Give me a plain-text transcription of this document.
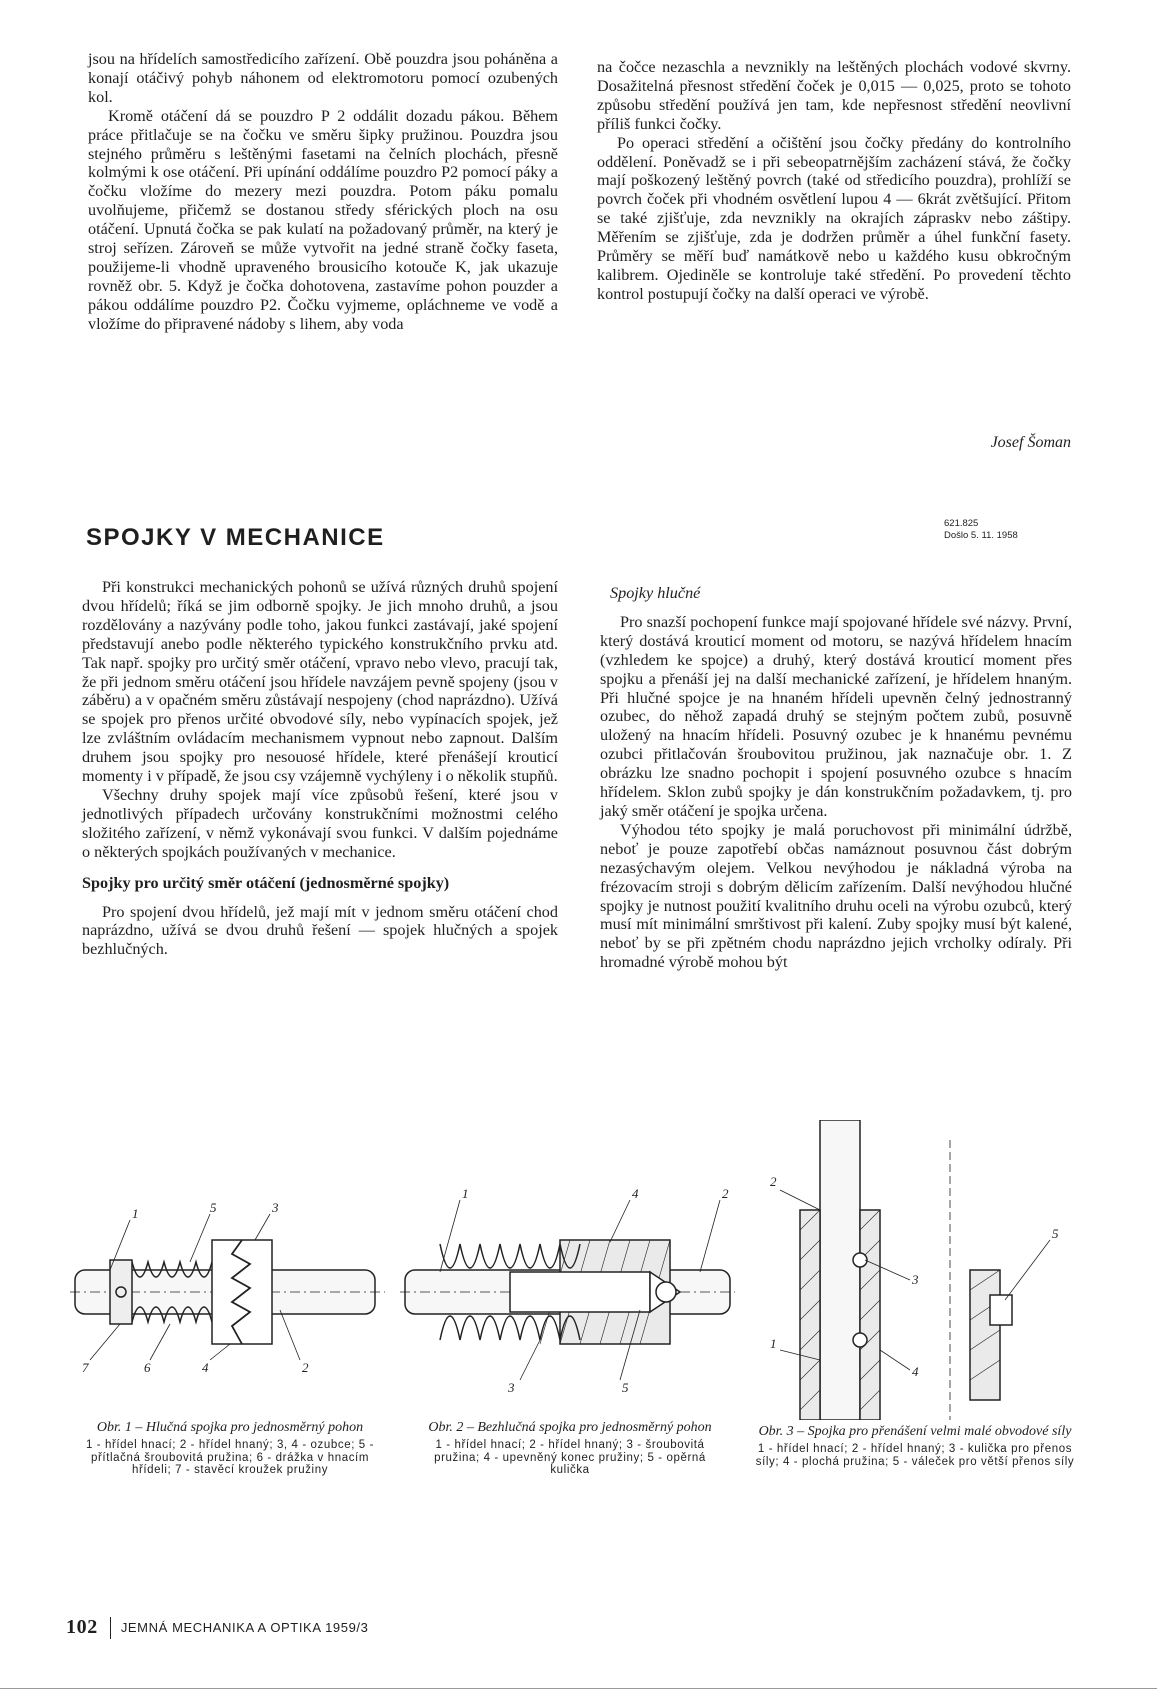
jsou na hřídelích samostředicího zařízení. Obě pouzdra jsou poháněna a konají otáčivý pohyb náhonem od elektromotoru pomocí ozubených kol.

Kromě otáčení dá se pouzdro P 2 oddálit dozadu pákou. Během práce přitlačuje se na čočku ve směru šipky pružinou. Pouzdra jsou stejného průměru s leštěnými fasetami na čelních plochách, přesně kolmými k ose otáčení. Při upínání oddálíme pouzdro P2 pomocí páky a čočku vložíme do mezery mezi pouzdra. Potom páku pomalu uvolňujeme, přičemž se dostanou středy sférických ploch na osu otáčení. Upnutá čočka se pak kulatí na požadovaný průměr, na který je stroj seřízen. Zároveň se může vytvořit na jedné straně čočky faseta, použijeme-li vhodně upraveného brousicího kotouče K, jak ukazuje rovněž obr. 5. Když je čočka dohotovena, zastavíme pohon pouzder a pákou oddálíme pouzdro P2. Čočku vyjmeme, opláchneme ve vodě a vložíme do připravené nádoby s lihem, aby voda

na čočce nezaschla a nevznikly na leštěných plochách vodové skvrny. Dosažitelná přesnost středění čoček je 0,015 — 0,025, proto se tohoto způsobu středění používá jen tam, kde nepřesnost středění neovlivní příliš funkci čočky.

Po operaci středění a očištění jsou čočky předány do kontrolního oddělení. Poněvadž se i při sebeopatrnějším zacházení stává, že čočky mají poškozený leštěný povrch (také od středicího pouzdra), prohlíží se povrch čoček při vhodném osvětlení lupou 4 — 6krát zvětšující. Přitom se také zjišťuje, zda nevznikly na okrajích zápraskv nebo záštipy. Měřením se zjišťuje, zda je dodržen průměr a úhel funkční fasety. Průměry se měří buď namátkově nebo u každého kusu obkročným kalibrem. Ojediněle se kontroluje také středění. Po provedení těchto kontrol postupují čočky na další operaci ve výrobě.

Josef Šoman
SPOJKY V MECHANICE
621.825
Došlo 5. 11. 1958

Při konstrukci mechanických pohonů se užívá různých druhů spojení dvou hřídelů; říká se jim odborně spojky. Je jich mnoho druhů, a jsou rozdělovány a nazývány podle toho, jakou funkci zastávají, jaké spojení představují anebo podle některého typického konstrukčního prvku atd. Tak např. spojky pro určitý směr otáčení, vpravo nebo vlevo, pracují tak, že při jednom směru otáčení jsou hřídele navzájem pevně spojeny (jsou v záběru) a v opačném směru zůstávají nespojeny (chod naprázdno). Užívá se spojek pro přenos určité obvodové síly, nebo vypínacích spojek, jež lze zvláštním ovládacím mechanismem vypnout nebo zapnout. Dalším druhem jsou spojky pro nesouosé hřídele, které přenášejí krouticí momenty i v případě, že jsou csy vzájemně vychýleny i o několik stupňů.

Všechny druhy spojek mají více způsobů řešení, které jsou v jednotlivých případech určovány konstrukčními možnostmi celého složitého zařízení, v němž vykonávají svou funkci. V dalším pojednáme o některých spojkách používaných v mechanice.

Spojky pro určitý směr otáčení (jednosměrné spojky)

Pro spojení dvou hřídelů, jež mají mít v jednom směru otáčení chod naprázdno, užívá se dvou druhů řešení — spojek hlučných a spojek bezhlučných.

Spojky hlučné

Pro snazší pochopení funkce mají spojované hřídele své názvy. První, který dostává krouticí moment od motoru, se nazývá hřídelem hnacím (vzhledem ke spojce) a druhý, který dostává krouticí moment přes spojku a přenáší jej na další mechanické zařízení, je hřídelem hnaným. Při hlučné spojce je na hnaném hřídeli upevněn čelný jednostranný ozubec, do něhož zapadá druhý se stejným počtem zubů, posuvně uložený na hnacím hřídeli. Posuvný ozubec je k hnanému pevnému ozubci přitlačován šroubovitou pružinou, jak naznačuje obr. 1. Z obrázku lze snadno pochopit i spojení posuvného ozubce s hnacím hřídelem. Sklon zubů spojky je dán konstrukčním požadavkem, tj. pro jaký směr otáčení je spojka určena.

Výhodou této spojky je malá poruchovost při minimální údržbě, neboť je pouze zapotřebí občas namáznout posuvnou část dobrým nezasýchavým olejem. Velkou nevýhodou je nákladná výroba na frézovacím stroji s dobrým dělicím zařízením. Další nevýhodou hlučné spojky je nutnost použití kvalitního druhu oceli na výrobu ozubců, který musí mít minimální smrštivost při kalení. Zuby spojky musí být kalené, neboť by se při zpětném chodu naprázdno jejich vrcholky odíraly. Při hromadné výrobě mohou být

1	5	3
7	6	4	2
Obr. 1 – Hlučná spojka pro jednosměrný pohon
1 - hřídel hnací; 2 - hřídel hnaný; 3, 4 - ozubce; 5 - přítlačná šroubovitá pružina; 6 - drážka v hnacím hřídeli; 7 - stavěcí kroužek pružiny
1	4	2
3	5
Obr. 2 – Bezhlučná spojka pro jednosměrný pohon
1 - hřídel hnací; 2 - hřídel hnaný; 3 - šroubovitá pružina; 4 - upevněný konec pružiny; 5 - opěrná kulička
2
5
3
1
4
Obr. 3 – Spojka pro přenášení velmi malé obvodové síly
1 - hřídel hnací; 2 - hřídel hnaný; 3 - kulička pro přenos síly; 4 - plochá pružina; 5 - váleček pro větší přenos síly
102 JEMNÁ MECHANIKA A OPTIKA 1959/3
